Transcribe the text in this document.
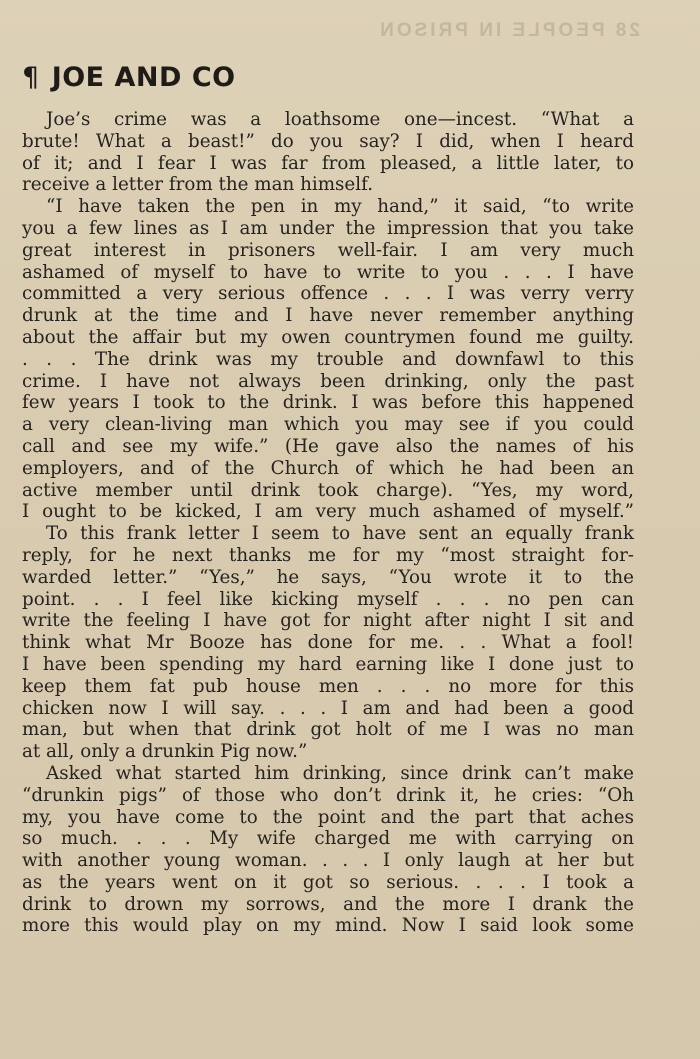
28 PEOPLE IN PRISON
¶ JOE AND CO
Joe’s crime was a loathsome one—incest. “What a
brute! What a beast!” do you say? I did, when I heard
of it; and I fear I was far from pleased, a little later, to
receive a letter from the man himself.
“I have taken the pen in my hand,” it said, “to write
you a few lines as I am under the impression that you take
great interest in prisoners well-fair. I am very much
ashamed of myself to have to write to you . . . I have
committed a very serious offence . . . I was verry verry
drunk at the time and I have never remember anything
about the affair but my owen countrymen found me guilty.
. . . The drink was my trouble and downfawl to this
crime. I have not always been drinking, only the past
few years I took to the drink. I was before this happened
a very clean-living man which you may see if you could
call and see my wife.” (He gave also the names of his
employers, and of the Church of which he had been an
active member until drink took charge). “Yes, my word,
I ought to be kicked, I am very much ashamed of myself.”
To this frank letter I seem to have sent an equally frank
reply, for he next thanks me for my “most straight for-
warded letter.” “Yes,” he says, “You wrote it to the
point. . . I feel like kicking myself . . . no pen can
write the feeling I have got for night after night I sit and
think what Mr Booze has done for me. . . What a fool!
I have been spending my hard earning like I done just to
keep them fat pub house men . . . no more for this
chicken now I will say. . . . I am and had been a good
man, but when that drink got holt of me I was no man
at all, only a drunkin Pig now.”
Asked what started him drinking, since drink can’t make
“drunkin pigs” of those who don’t drink it, he cries: “Oh
my, you have come to the point and the part that aches
so much. . . . My wife charged me with carrying on
with another young woman. . . . I only laugh at her but
as the years went on it got so serious. . . . I took a
drink to drown my sorrows, and the more I drank the
more this would play on my mind. Now I said look some
